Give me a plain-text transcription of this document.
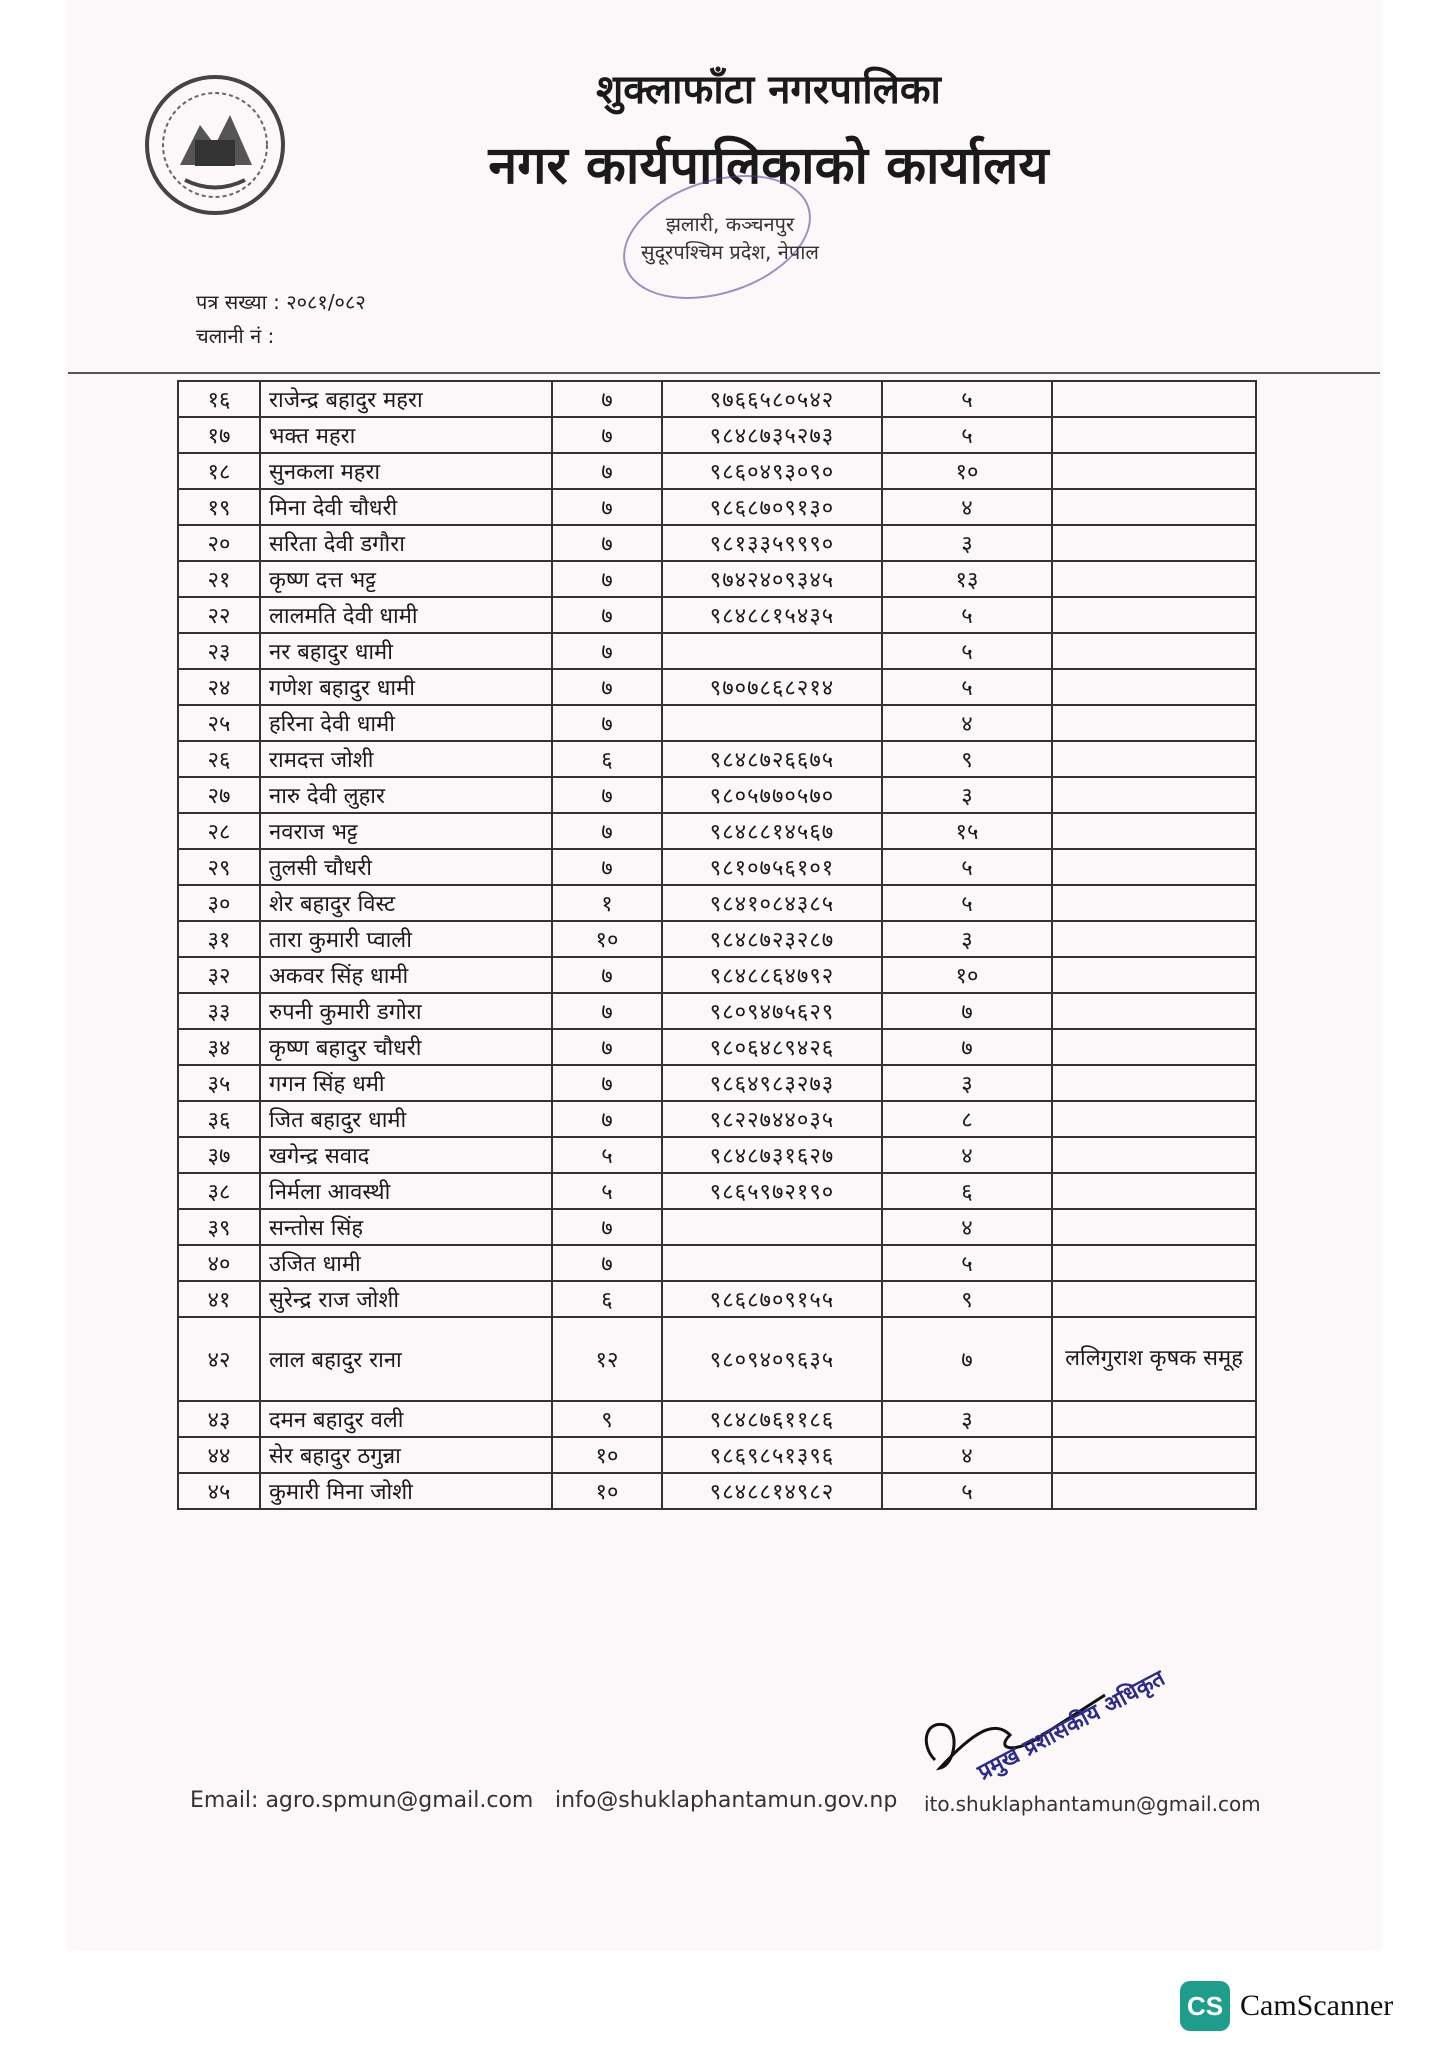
शुक्लाफाँटा नगरपालिका
नगर कार्यपालिकाको कार्यालय
झलारी, कञ्चनपुर
सुदूरपश्चिम प्रदेश, नेपाल
पत्र सख्या : २०८१/०८२
चलानी नं :
१६	राजेन्द्र बहादुर महरा	७	९७६६५८०५४२	५	
१७	भक्त महरा	७	९८४८७३५२७३	५	
१८	सुनकला महरा	७	९८६०४९३०९०	१०	
१९	मिना देवी चौधरी	७	९८६८७०९१३०	४	
२०	सरिता देवी डगौरा	७	९८१३३५९९९०	३	
२१	कृष्ण दत्त भट्ट	७	९७४२४०९३४५	१३	
२२	लालमति देवी धामी	७	९८४८८१५४३५	५	
२३	नर बहादुर धामी	७		५	
२४	गणेश बहादुर धामी	७	९७०७८६८२१४	५	
२५	हरिना देवी धामी	७		४	
२६	रामदत्त जोशी	६	९८४८७२६६७५	९	
२७	नारु देवी लुहार	७	९८०५७७०५७०	३	
२८	नवराज भट्ट	७	९८४८८१४५६७	१५	
२९	तुलसी चौधरी	७	९८१०७५६१०१	५	
३०	शेर बहादुर विस्ट	१	९८४१०८४३८५	५	
३१	तारा कुमारी प्वाली	१०	९८४८७२३२८७	३	
३२	अकवर सिंह धामी	७	९८४८८६४७९२	१०	
३३	रुपनी कुमारी डगोरा	७	९८०९४७५६२९	७	
३४	कृष्ण बहादुर चौधरी	७	९८०६४८९४२६	७	
३५	गगन सिंह धमी	७	९८६४९८३२७३	३	
३६	जित बहादुर धामी	७	९८२२७४४०३५	८	
३७	खगेन्द्र सवाद	५	९८४८७३१६२७	४	
३८	निर्मला आवस्थी	५	९८६५९७२१९०	६	
३९	सन्तोस सिंह	७		४	
४०	उजित धामी	७		५	
४१	सुरेन्द्र राज जोशी	६	९८६८७०९१५५	९	
४२	लाल बहादुर राना	१२	९८०९४०९६३५	७	ललिगुराश कृषक समूह
४३	दमन बहादुर वली	९	९८४८७६११८६	३	
४४	सेर बहादुर ठगुन्ना	१०	९८६९८५१३९६	४	
४५	कुमारी मिना जोशी	१०	९८४८८१४९८२	५	
Email: agro.spmun@gmail.com info@shuklaphantamun.gov.np ito.shuklaphantamun@gmail.com
प्रमुख प्रशासकीय अधिकृत
CS CamScanner
